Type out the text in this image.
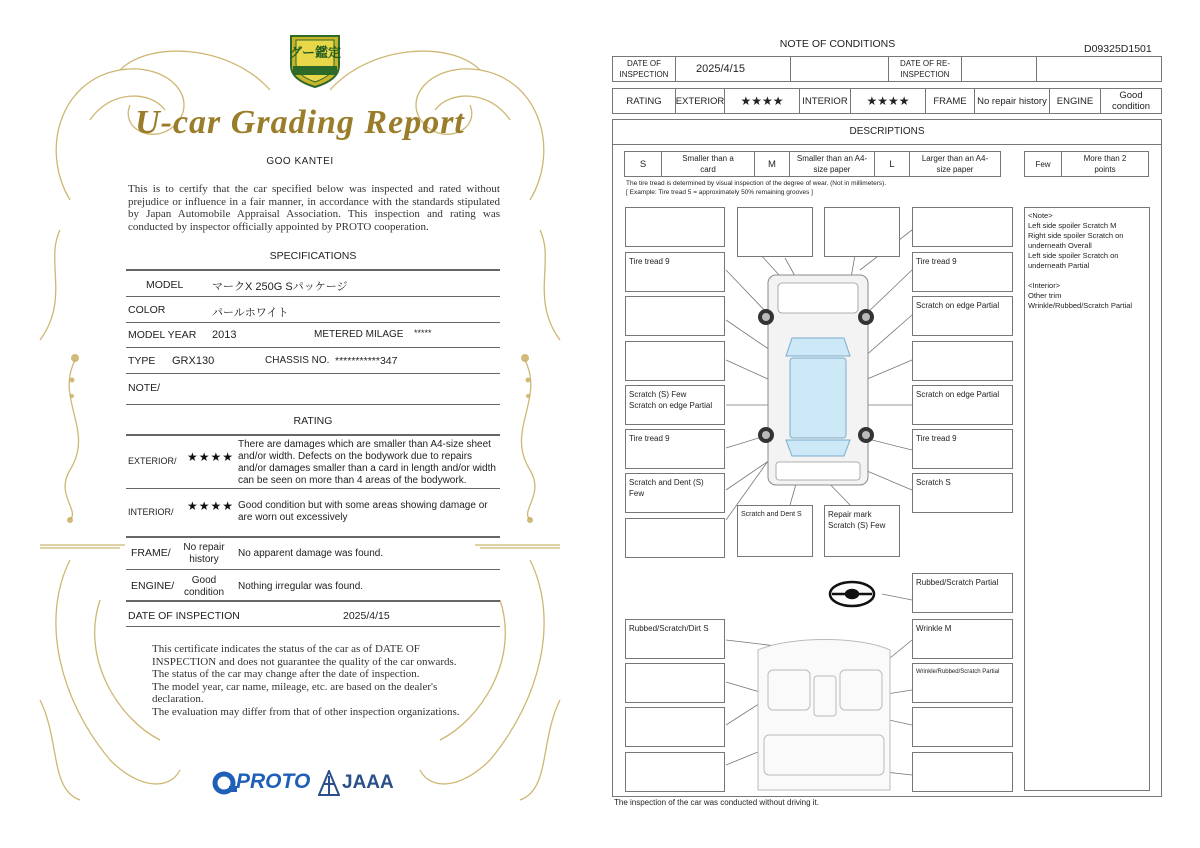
グー鑑定
U-car Grading Report
GOO KANTEI
This is to certify that the car specified below was inspected and rated without prejudice or influence in a fair manner, in accordance with the standards stipulated by Japan Automobile Appraisal Association. This inspection and rating was conducted by inspector officially appointed by PROTO cooperation.
SPECIFICATIONS
MODEL	マークX 250G Sパッケージ
COLOR	パールホワイト
MODEL YEAR 2013	METERED MILAGE *****
TYPE GRX130	CHASSIS NO. ***********347
NOTE/
RATING
EXTERIOR/ ★★★★
There are damages which are smaller than A4-size sheet and/or width. Defects on the bodywork due to repairs and/or damages smaller than a card in length and/or width can be seen on more than 4 areas of the bodywork.
INTERIOR/ ★★★★ Good condition but with some areas showing damage or are worn out excessively
FRAME/	No repair history
No apparent damage was found.
ENGINE/	Good condition
Nothing irregular was found.
DATE OF INSPECTION	2025/4/15
This certificate indicates the status of the car as of DATE OF
INSPECTION and does not guarantee the quality of the car onwards.
The status of the car may change after the date of inspection.
The model year, car name, mileage, etc. are based on the dealer's
declaration.
The evaluation may differ from that of other inspection organizations.
PROTO JAAA
NOTE OF CONDITIONS	D09325D1501
DATE OF INSPECTION	2025/4/15	DATE OF RE-INSPECTION
RATING	EXTERIOR	★★★★	INTERIOR	★★★★	FRAME	No repair history	ENGINE	Good condition
DESCRIPTIONS
S	Smaller than a card	M	Smaller than an A4-size paper	L	Larger than an A4-size paper
Few
More than 2 points
The tire tread is determined by visual inspection of the degree of wear. (Not in millimeters).
[ Example: Tire tread 5 = approximately 50% remaining grooves ]
Tire tread 9
Scratch (S) Few
Scratch on edge Partial
Tire tread 9
Scratch and Dent (S) Few
Tire tread 9
Scratch on edge Partial
Scratch on edge Partial
Tire tread 9
Scratch S
Scratch and Dent S	Repair mark
Scratch (S) Few
Rubbed/Scratch Partial
Rubbed/Scratch/Dirt S	Wrinkle M
Wrinkle/Rubbed/Scratch Partial
<Note>
Left side spoiler Scratch M
Right side spoiler Scratch on underneath Overall
Left side spoiler Scratch on underneath Partial
<Interior>
Other trim
Wrinkle/Rubbed/Scratch Partial
The inspection of the car was conducted without driving it.
